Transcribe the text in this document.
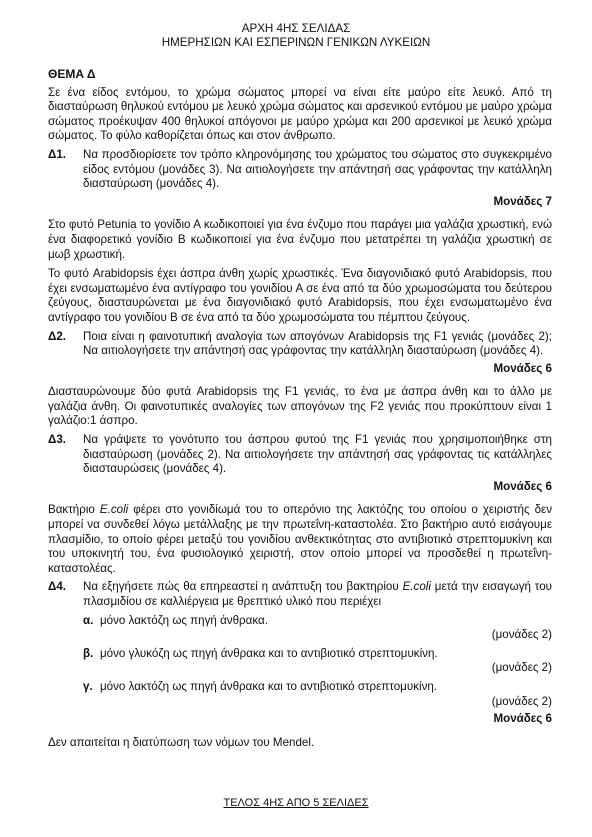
ΑΡΧΗ 4ΗΣ ΣΕΛΙΔΑΣ
ΗΜΕΡΗΣΙΩΝ ΚΑΙ ΕΣΠΕΡΙΝΩΝ ΓΕΝΙΚΩΝ ΛΥΚΕΙΩΝ
ΘΕΜΑ Δ

Σε ένα είδος εντόμου, το χρώμα σώματος μπορεί να είναι είτε μαύρο είτε λευκό. Από τη διασταύρωση θηλυκού εντόμου με λευκό χρώμα σώματος και αρσενικού εντόμου με μαύρο χρώμα σώματος προέκυψαν 400 θηλυκοί απόγονοι με μαύρο χρώμα και 200 αρσενικοί με λευκό χρώμα σώματος. Το φύλο καθορίζεται όπως και στον άνθρωπο.

Δ1.	Να προσδιορίσετε τον τρόπο κληρονόμησης του χρώματος του σώματος στο συγκεκριμένο είδος εντόμου (μονάδες 3). Να αιτιολογήσετε την απάντησή σας γράφοντας την κατάλληλη διασταύρωση (μονάδες 4).
Μονάδες 7

Στο φυτό Petunia το γονίδιο Α κωδικοποιεί για ένα ένζυμο που παράγει μια γαλάζια χρωστική, ενώ ένα διαφορετικό γονίδιο Β κωδικοποιεί για ένα ένζυμο που μετατρέπει τη γαλάζια χρωστική σε μωβ χρωστική.

Το φυτό Arabidopsis έχει άσπρα άνθη χωρίς χρωστικές. Ένα διαγονιδιακό φυτό Arabidopsis, που έχει ενσωματωμένο ένα αντίγραφο του γονιδίου Α σε ένα από τα δύο χρωμοσώματα του δεύτερου ζεύγους, διασταυρώνεται με ένα διαγονιδιακό φυτό Arabidopsis, που έχει ενσωματωμένο ένα αντίγραφο του γονιδίου Β σε ένα από τα δύο χρωμοσώματα του πέμπτου ζεύγους.

Δ2.	Ποια είναι η φαινοτυπική αναλογία των απογόνων Arabidopsis της F1 γενιάς (μονάδες 2); Να αιτιολογήσετε την απάντησή σας γράφοντας την κατάλληλη διασταύρωση (μονάδες 4).
Μονάδες 6

Διασταυρώνουμε δύο φυτά Arabidopsis της F1 γενιάς, το ένα με άσπρα άνθη και το άλλο με γαλάζια άνθη. Οι φαινοτυπικές αναλογίες των απογόνων της F2 γενιάς που προκύπτουν είναι 1 γαλάζιο:1 άσπρο.

Δ3.	Να γράψετε το γονότυπο του άσπρου φυτού της F1 γενιάς που χρησιμοποιήθηκε στη διασταύρωση (μονάδες 2). Να αιτιολογήσετε την απάντησή σας γράφοντας τις κατάλληλες διασταυρώσεις (μονάδες 4).
Μονάδες 6

Βακτήριο E.coli φέρει στο γονιδίωμά του το οπερόνιο της λακτόζης του οποίου ο χειριστής δεν μπορεί να συνδεθεί λόγω μετάλλαξης με την πρωτεΐνη-καταστολέα. Στο βακτήριο αυτό εισάγουμε πλασμίδιο, το οποίο φέρει μεταξύ του γονιδίου ανθεκτικότητας στο αντιβιοτικό στρεπτομυκίνη και του υποκινητή του, ένα φυσιολογικό χειριστή, στον οποίο μπορεί να προσδεθεί η πρωτεΐνη-καταστολέας.

Δ4.	Να εξηγήσετε πώς θα επηρεαστεί η ανάπτυξη του βακτηρίου E.coli μετά την εισαγωγή του πλασμιδίου σε καλλιέργεια με θρεπτικό υλικό που περιέχει
α. μόνο λακτόζη ως πηγή άνθρακα.
(μονάδες 2)
β. μόνο γλυκόζη ως πηγή άνθρακα και το αντιβιοτικό στρεπτομυκίνη.
(μονάδες 2)
γ. μόνο λακτόζη ως πηγή άνθρακα και το αντιβιοτικό στρεπτομυκίνη.
(μονάδες 2)
Μονάδες 6

Δεν απαιτείται η διατύπωση των νόμων του Mendel.

ΤΕΛΟΣ 4ΗΣ ΑΠΟ 5 ΣΕΛΙΔΕΣ
